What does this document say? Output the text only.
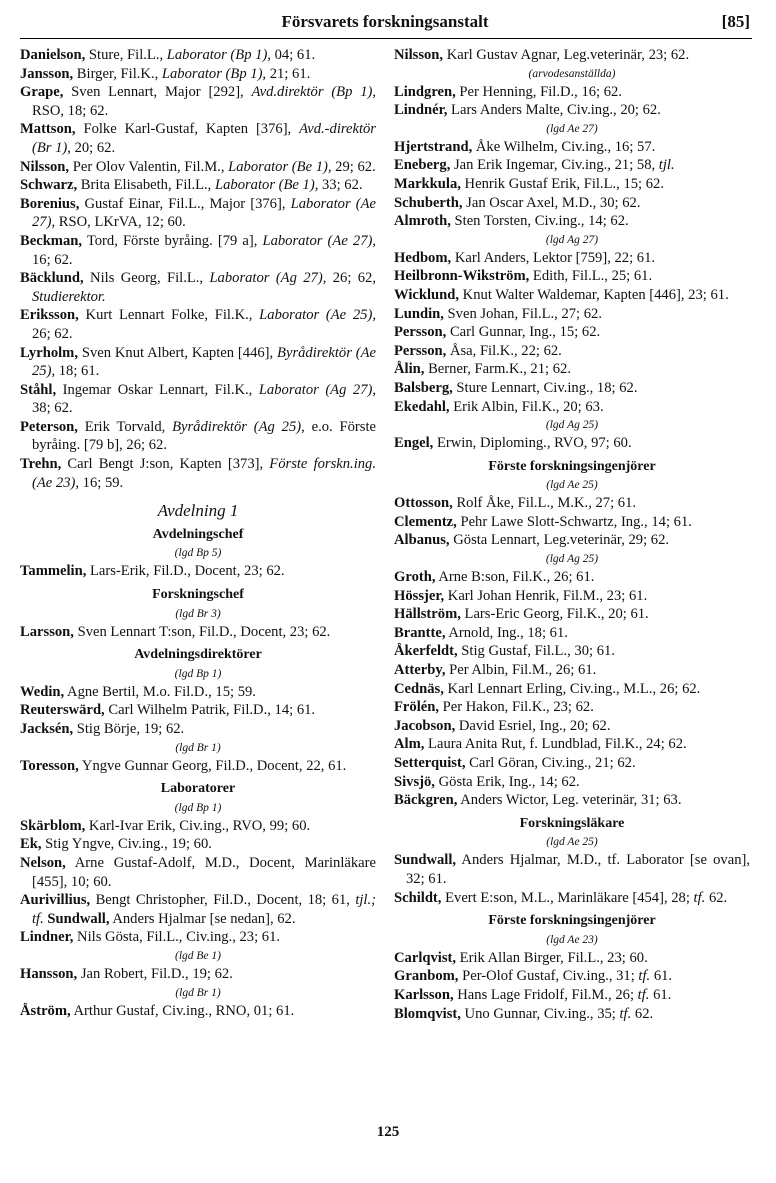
Försvarets forskningsanstalt	[85]

Danielson, Sture, Fil.L., Laborator (Bp 1), 04; 61.

Jansson, Birger, Fil.K., Laborator (Bp 1), 21; 61.

Grape, Sven Lennart, Major [292], Avd.direktör (Bp 1), RSO, 18; 62.

Mattson, Folke Karl-Gustaf, Kapten [376], Avd.-direktör (Br 1), 20; 62.

Nilsson, Per Olov Valentin, Fil.M., Laborator (Be 1), 29; 62.

Schwarz, Brita Elisabeth, Fil.L., Laborator (Be 1), 33; 62.

Borenius, Gustaf Einar, Fil.L., Major [376], Laborator (Ae 27), RSO, LKrVA, 12; 60.

Beckman, Tord, Förste byråing. [79 a], Laborator (Ae 27), 16; 62.

Bäcklund, Nils Georg, Fil.L., Laborator (Ag 27), 26; 62, Studierektor.

Eriksson, Kurt Lennart Folke, Fil.K., Laborator (Ae 25), 26; 62.

Lyrholm, Sven Knut Albert, Kapten [446], Byrådirektör (Ae 25), 18; 61.

Ståhl, Ingemar Oskar Lennart, Fil.K., Laborator (Ag 27), 38; 62.

Peterson, Erik Torvald, Byrådirektör (Ag 25), e.o. Förste byråing. [79 b], 26; 62.

Trehn, Carl Bengt J:son, Kapten [373], Förste forskn.ing. (Ae 23), 16; 59.

Avdelning 1
Avdelningschef
(lgd Bp 5)

Tammelin, Lars-Erik, Fil.D., Docent, 23; 62.

Forskningschef
(lgd Br 3)

Larsson, Sven Lennart T:son, Fil.D., Docent, 23; 62.

Avdelningsdirektörer
(lgd Bp 1)

Wedin, Agne Bertil, M.o. Fil.D., 15; 59.

Reuterswärd, Carl Wilhelm Patrik, Fil.D., 14; 61.

Jacksén, Stig Börje, 19; 62.

(lgd Br 1)

Toresson, Yngve Gunnar Georg, Fil.D., Docent, 22, 61.

Laboratorer
(lgd Bp 1)

Skärblom, Karl-Ivar Erik, Civ.ing., RVO, 99; 60.

Ek, Stig Yngve, Civ.ing., 19; 60.

Nelson, Arne Gustaf-Adolf, M.D., Docent, Marinläkare [455], 10; 60.

Aurivillius, Bengt Christopher, Fil.D., Docent, 18; 61, tjl.; tf. Sundwall, Anders Hjalmar [se nedan], 62.

Lindner, Nils Gösta, Fil.L., Civ.ing., 23; 61.

(lgd Be 1)

Hansson, Jan Robert, Fil.D., 19; 62.

(lgd Br 1)

Åström, Arthur Gustaf, Civ.ing., RNO, 01; 61.

Nilsson, Karl Gustav Agnar, Leg.veterinär, 23; 62.

(arvodesanställda)

Lindgren, Per Henning, Fil.D., 16; 62.

Lindnér, Lars Anders Malte, Civ.ing., 20; 62.

(lgd Ae 27)

Hjertstrand, Åke Wilhelm, Civ.ing., 16; 57.

Eneberg, Jan Erik Ingemar, Civ.ing., 21; 58, tjl.

Markkula, Henrik Gustaf Erik, Fil.L., 15; 62.

Schuberth, Jan Oscar Axel, M.D., 30; 62.

Almroth, Sten Torsten, Civ.ing., 14; 62.

(lgd Ag 27)

Hedbom, Karl Anders, Lektor [759], 22; 61.

Heilbronn-Wikström, Edith, Fil.L., 25; 61.

Wicklund, Knut Walter Waldemar, Kapten [446], 23; 61.

Lundin, Sven Johan, Fil.L., 27; 62.

Persson, Carl Gunnar, Ing., 15; 62.

Persson, Åsa, Fil.K., 22; 62.

Ålin, Berner, Farm.K., 21; 62.

Balsberg, Sture Lennart, Civ.ing., 18; 62.

Ekedahl, Erik Albin, Fil.K., 20; 63.

(lgd Ag 25)

Engel, Erwin, Diploming., RVO, 97; 60.

Förste forskningsingenjörer
(lgd Ae 25)

Ottosson, Rolf Åke, Fil.L., M.K., 27; 61.

Clementz, Pehr Lawe Slott-Schwartz, Ing., 14; 61.

Albanus, Gösta Lennart, Leg.veterinär, 29; 62.

(lgd Ag 25)

Groth, Arne B:son, Fil.K., 26; 61.

Hössjer, Karl Johan Henrik, Fil.M., 23; 61.

Hällström, Lars-Eric Georg, Fil.K., 20; 61.

Brantte, Arnold, Ing., 18; 61.

Åkerfeldt, Stig Gustaf, Fil.L., 30; 61.

Atterby, Per Albin, Fil.M., 26; 61.

Cednäs, Karl Lennart Erling, Civ.ing., M.L., 26; 62.

Frölén, Per Hakon, Fil.K., 23; 62.

Jacobson, David Esriel, Ing., 20; 62.

Alm, Laura Anita Rut, f. Lundblad, Fil.K., 24; 62.

Setterquist, Carl Göran, Civ.ing., 21; 62.

Sivsjö, Gösta Erik, Ing., 14; 62.

Bäckgren, Anders Wictor, Leg. veterinär, 31; 63.

Forskningsläkare
(lgd Ae 25)

Sundwall, Anders Hjalmar, M.D., tf. Laborator [se ovan], 32; 61.

Schildt, Evert E:son, M.L., Marinläkare [454], 28; tf. 62.

Förste forskningsingenjörer
(lgd Ae 23)

Carlqvist, Erik Allan Birger, Fil.L., 23; 60.

Granbom, Per-Olof Gustaf, Civ.ing., 31; tf. 61.

Karlsson, Hans Lage Fridolf, Fil.M., 26; tf. 61.

Blomqvist, Uno Gunnar, Civ.ing., 35; tf. 62.

125
